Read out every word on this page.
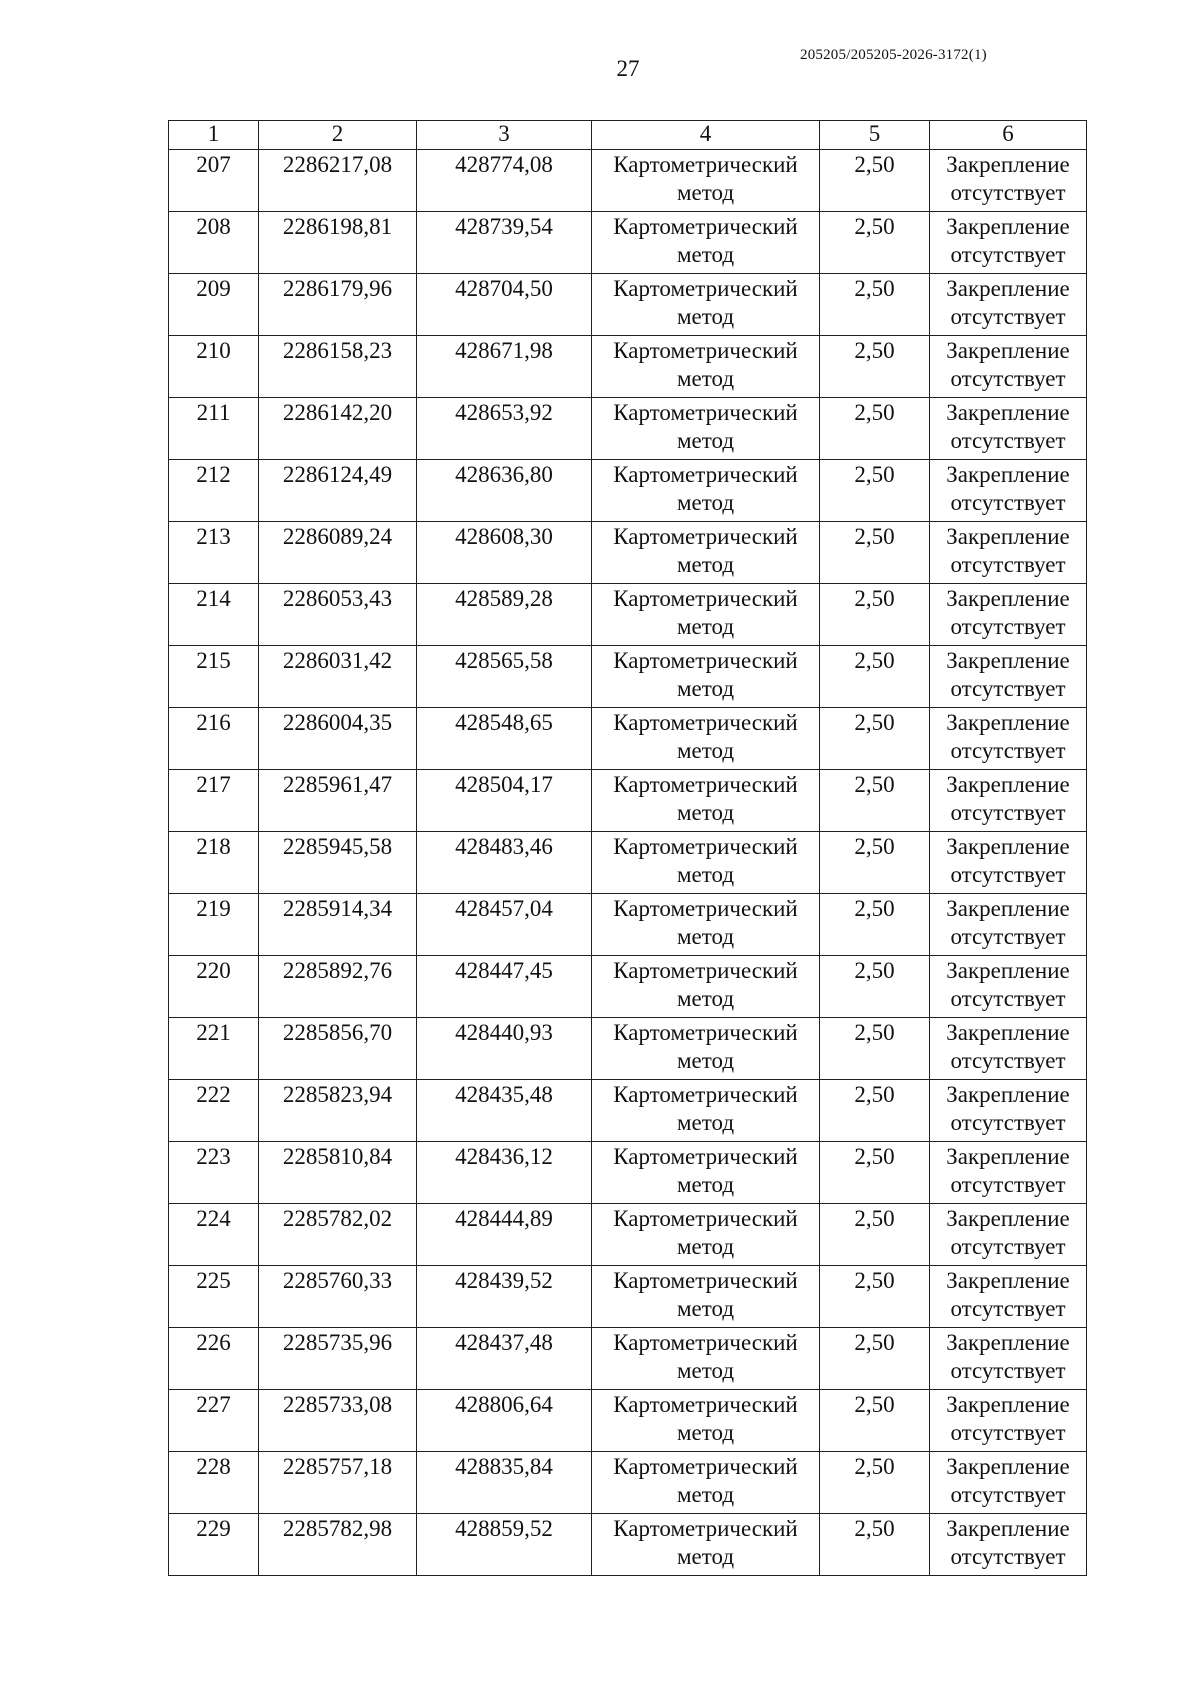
27
205205/205205-2026-3172(1)
1	2	3	4	5	6
207	2286217,08	428774,08	Картометрический метод	2,50	Закрепление отсутствует
208	2286198,81	428739,54	Картометрический метод	2,50	Закрепление отсутствует
209	2286179,96	428704,50	Картометрический метод	2,50	Закрепление отсутствует
210	2286158,23	428671,98	Картометрический метод	2,50	Закрепление отсутствует
211	2286142,20	428653,92	Картометрический метод	2,50	Закрепление отсутствует
212	2286124,49	428636,80	Картометрический метод	2,50	Закрепление отсутствует
213	2286089,24	428608,30	Картометрический метод	2,50	Закрепление отсутствует
214	2286053,43	428589,28	Картометрический метод	2,50	Закрепление отсутствует
215	2286031,42	428565,58	Картометрический метод	2,50	Закрепление отсутствует
216	2286004,35	428548,65	Картометрический метод	2,50	Закрепление отсутствует
217	2285961,47	428504,17	Картометрический метод	2,50	Закрепление отсутствует
218	2285945,58	428483,46	Картометрический метод	2,50	Закрепление отсутствует
219	2285914,34	428457,04	Картометрический метод	2,50	Закрепление отсутствует
220	2285892,76	428447,45	Картометрический метод	2,50	Закрепление отсутствует
221	2285856,70	428440,93	Картометрический метод	2,50	Закрепление отсутствует
222	2285823,94	428435,48	Картометрический метод	2,50	Закрепление отсутствует
223	2285810,84	428436,12	Картометрический метод	2,50	Закрепление отсутствует
224	2285782,02	428444,89	Картометрический метод	2,50	Закрепление отсутствует
225	2285760,33	428439,52	Картометрический метод	2,50	Закрепление отсутствует
226	2285735,96	428437,48	Картометрический метод	2,50	Закрепление отсутствует
227	2285733,08	428806,64	Картометрический метод	2,50	Закрепление отсутствует
228	2285757,18	428835,84	Картометрический метод	2,50	Закрепление отсутствует
229	2285782,98	428859,52	Картометрический метод	2,50	Закрепление отсутствует
